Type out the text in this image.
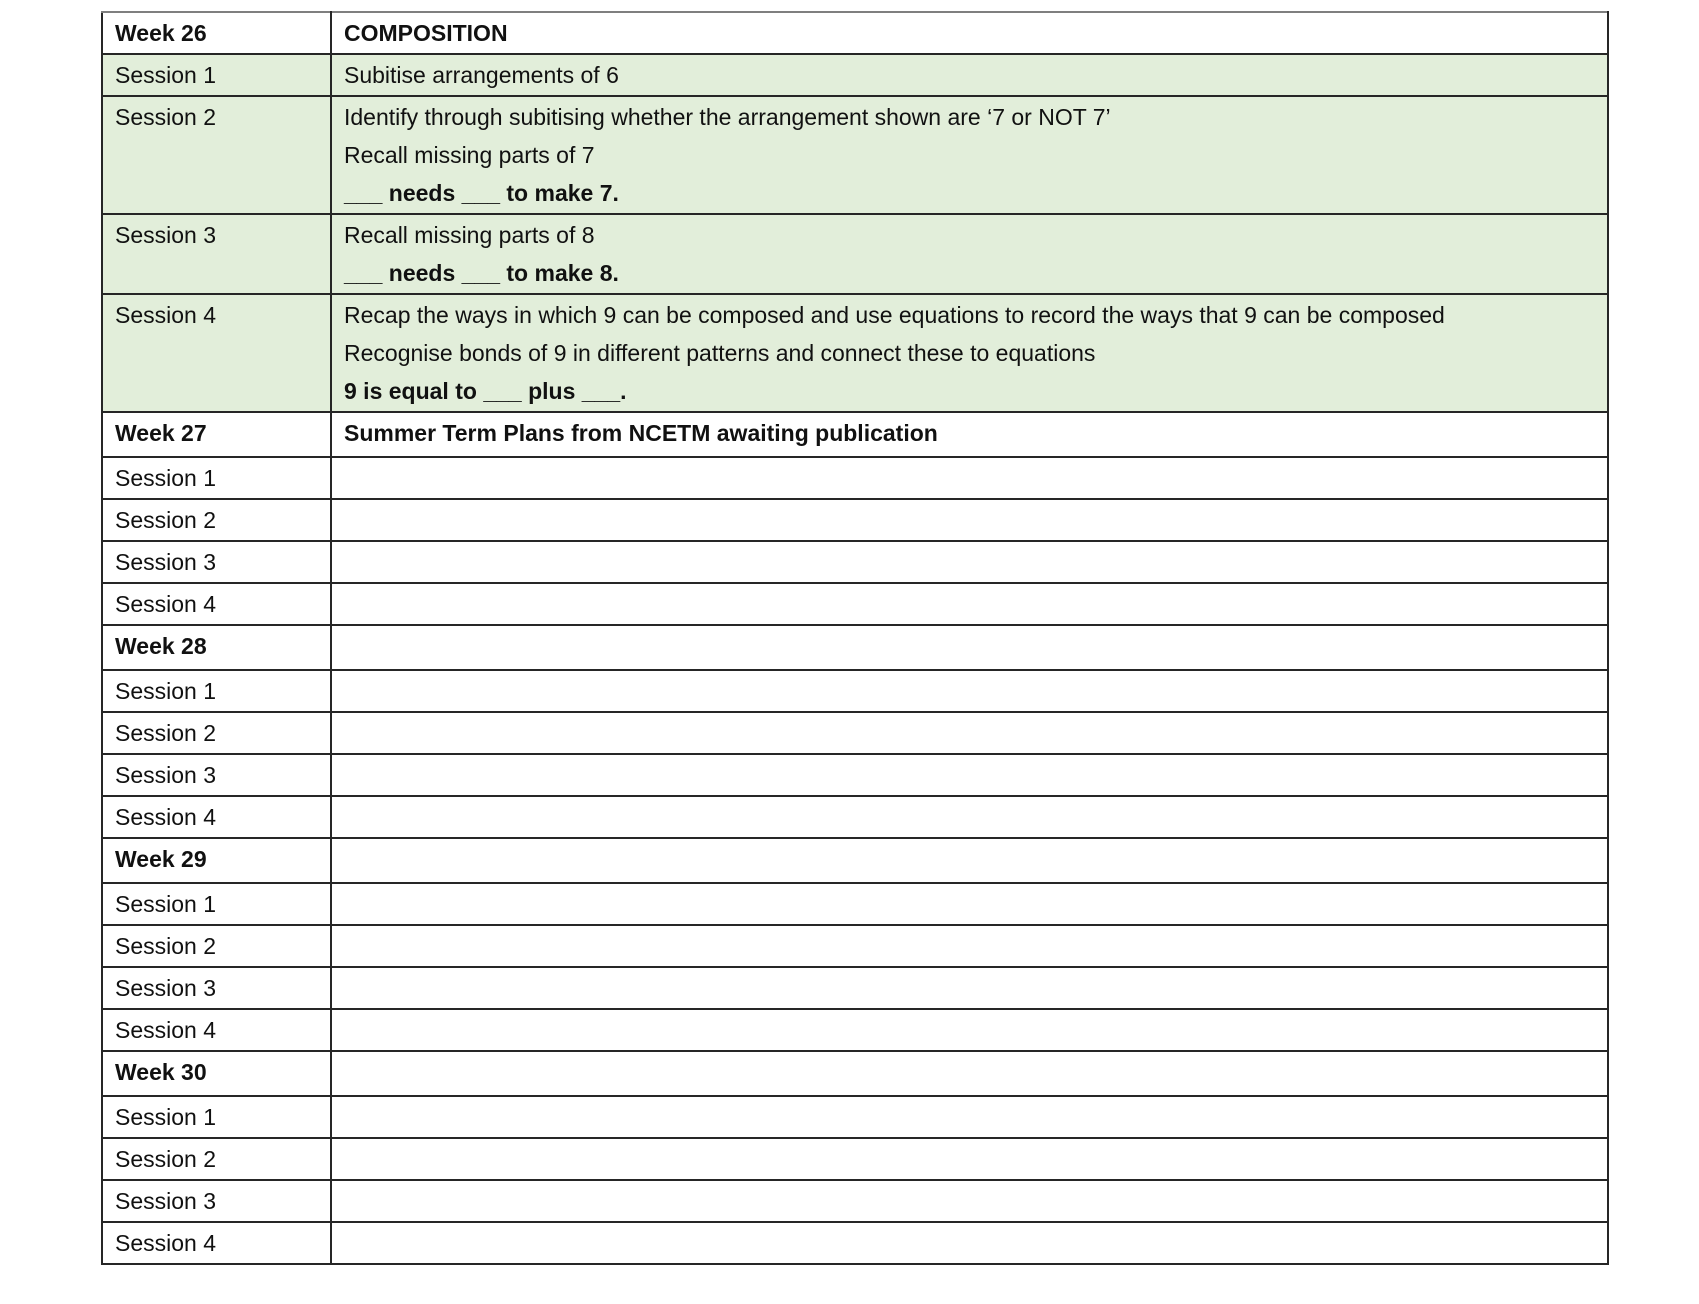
Week 26	COMPOSITION

Session 1	Subitise arrangements of 6

Session 2	Identify through subitising whether the arrangement shown are ‘7 or NOT 7’
Recall missing parts of 7
___ needs ___ to make 7.

Session 3	Recall missing parts of 8
___ needs ___ to make 8.

Session 4	Recap the ways in which 9 can be composed and use equations to record the ways that 9 can be composed
Recognise bonds of 9 in different patterns and connect these to equations
9 is equal to ___ plus ___.

Week 27	Summer Term Plans from NCETM awaiting publication

Session 1	
Session 2	
Session 3	
Session 4	
Week 28	
Session 1	
Session 2	
Session 3	
Session 4	
Week 29	
Session 1	
Session 2	
Session 3	
Session 4	
Week 30	
Session 1	
Session 2	
Session 3	
Session 4	
